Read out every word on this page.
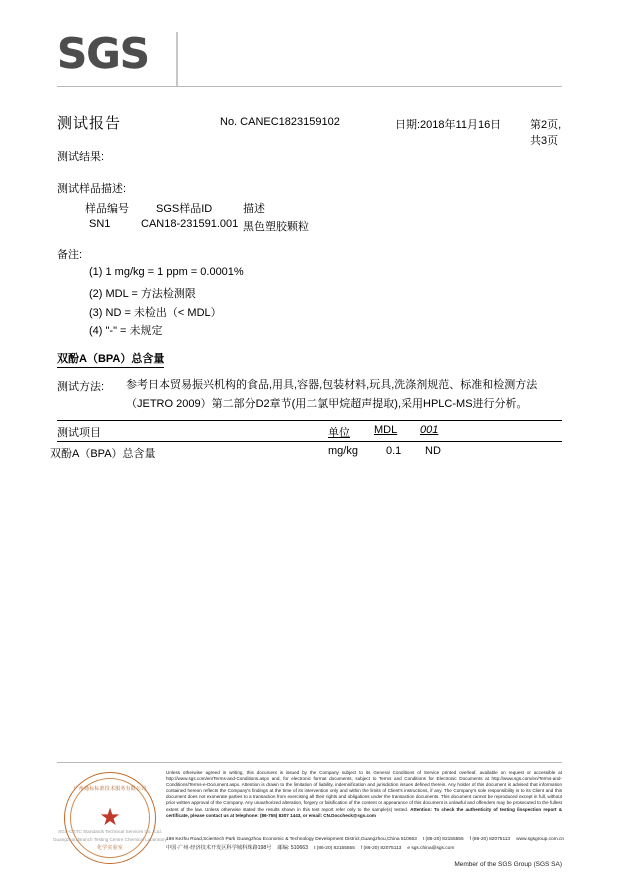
SGS
测试报告	No. CANEC1823159102	日期:2018年11月16日	第2页,共3页
测试结果:
测试样品描述:
样品编号 SGS样品ID	描述
SN1	CAN18-231591.001 黑色塑胶颗粒
备注:
(1) 1 mg/kg = 1 ppm = 0.0001%
(2) MDL = 方法检测限
(3) ND = 未检出（< MDL）
(4) "-" = 未规定
双酚A（BPA）总含量
测试方法: 参考日本贸易振兴机构的食品,用具,容器,包装材料,玩具,洗涤剂规范、标准和检测方法（JETRO 2009）第二部分D2章节(用二氯甲烷超声提取),采用HPLC-MS进行分析。
测试项目	单位 MDL 001
双酚A（BPA）总含量	mg/kg	0.1 ND
广州通标标准技术服务有限公司
★
化学实验室
SGS-CSTC Standards Technical Services Co., Ltd.
Guangzhou Branch Testing Centre Chemical Laboratory
Unless otherwise agreed in writing, this document is issued by the Company subject to its General Conditions of Service printed overleaf, available on request or accessible at http://www.sgs.com/en/Terms-and-Conditions.aspx and, for electronic format documents, subject to Terms and Conditions for Electronic Documents at http://www.sgs.com/en/Terms-and-Conditions/Terms-e-Document.aspx. Attention is drawn to the limitation of liability, indemnification and jurisdiction issues defined therein. Any holder of this document is advised that information contained hereon reflects the Company's findings at the time of its intervention only and within the limits of Client's instructions, if any. The Company's sole responsibility is to its Client and this document does not exonerate parties to a transaction from exercising all their rights and obligations under the transaction documents. This document cannot be reproduced except in full, without prior written approval of the Company. Any unauthorized alteration, forgery or falsification of the content or appearance of this document is unlawful and offenders may be prosecuted to the fullest extent of the law. Unless otherwise stated the results shown in this test report refer only to the sample(s) tested. Attention: To check the authenticity of testing /inspection report & certificate, please contact us at telephone: (86-755) 8307 1443, or email: CN.Doccheck@sgs.com
198 Kezhu Road,Scientech Park Guangzhou Economic & Technology Development District,Guangzhou,China 510663 t (86-20) 82155555 f (86-20) 82075113 www.sgsgroup.com.cn
中国·广州·经济技术开发区科学城科珠路198号 邮编: 510663 t (86-20) 82155555 f (86-20) 82075113 e sgs.china@sgs.com
Member of the SGS Group (SGS SA)
